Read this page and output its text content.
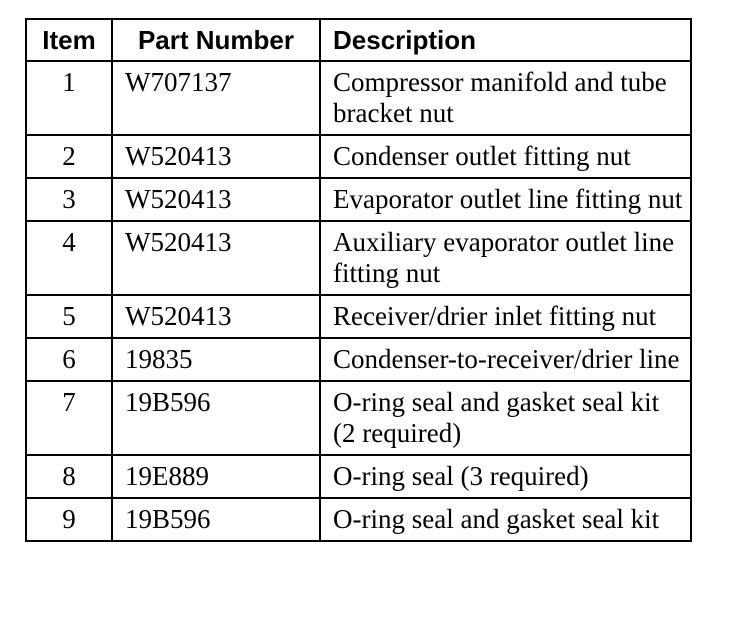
Item	Part Number	Description
1	W707137	Compressor manifold and tube bracket nut
2	W520413	Condenser outlet fitting nut
3	W520413	Evaporator outlet line fitting nut
4	W520413	Auxiliary evaporator outlet line fitting nut
5	W520413	Receiver/drier inlet fitting nut
6	19835	Condenser-to-receiver/drier line
7	19B596	O-ring seal and gasket seal kit (2 required)
8	19E889	O-ring seal (3 required)
9	19B596	O-ring seal and gasket seal kit
